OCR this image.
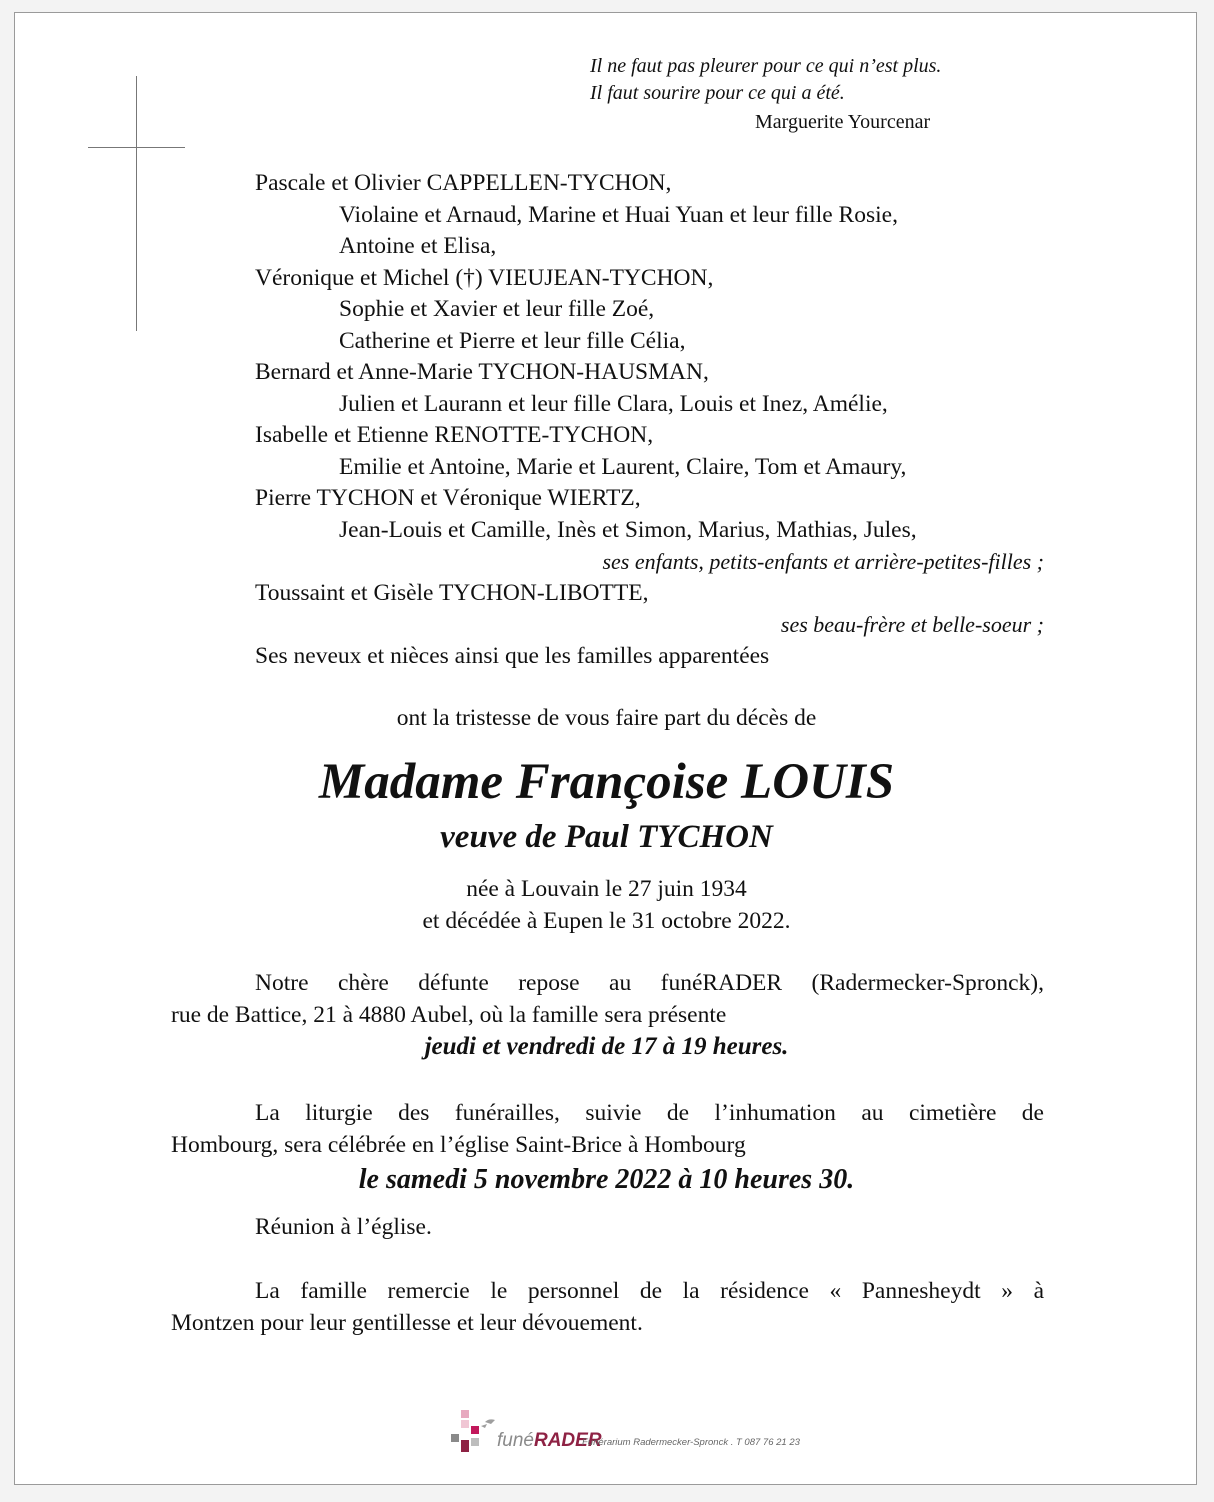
Il ne faut pas pleurer pour ce qui n’est plus.
Il faut sourire pour ce qui a été.
Marguerite Yourcenar
Pascale et Olivier CAPPELLEN-TYCHON,
Violaine et Arnaud, Marine et Huai Yuan et leur fille Rosie,
Antoine et Elisa,
Véronique et Michel (†) VIEUJEAN-TYCHON,
Sophie et Xavier et leur fille Zoé,
Catherine et Pierre et leur fille Célia,
Bernard et Anne-Marie TYCHON-HAUSMAN,
Julien et Laurann et leur fille Clara, Louis et Inez, Amélie,
Isabelle et Etienne RENOTTE-TYCHON,
Emilie et Antoine, Marie et Laurent, Claire, Tom et Amaury,
Pierre TYCHON et Véronique WIERTZ,
Jean-Louis et Camille, Inès et Simon, Marius, Mathias, Jules,
ses enfants, petits-enfants et arrière-petites-filles ;
Toussaint et Gisèle TYCHON-LIBOTTE,
ses beau-frère et belle-soeur ;
Ses neveux et nièces ainsi que les familles apparentées
ont la tristesse de vous faire part du décès de
Madame Françoise LOUIS
veuve de Paul TYCHON
née à Louvain le 27 juin 1934
et décédée à Eupen le 31 octobre 2022.
Notre chère défunte repose au funéRADER (Radermecker-Spronck),
rue de Battice, 21 à 4880 Aubel, où la famille sera présente
jeudi et vendredi de 17 à 19 heures.
La liturgie des funérailles, suivie de l’inhumation au cimetière de
Hombourg, sera célébrée en l’église Saint-Brice à Hombourg
le samedi 5 novembre 2022 à 10 heures 30.
Réunion à l’église.
La famille remercie le personnel de la résidence « Pannesheydt » à
Montzen pour leur gentillesse et leur dévouement.
funéRADER
Funérarium Radermecker-Spronck . T 087 76 21 23
